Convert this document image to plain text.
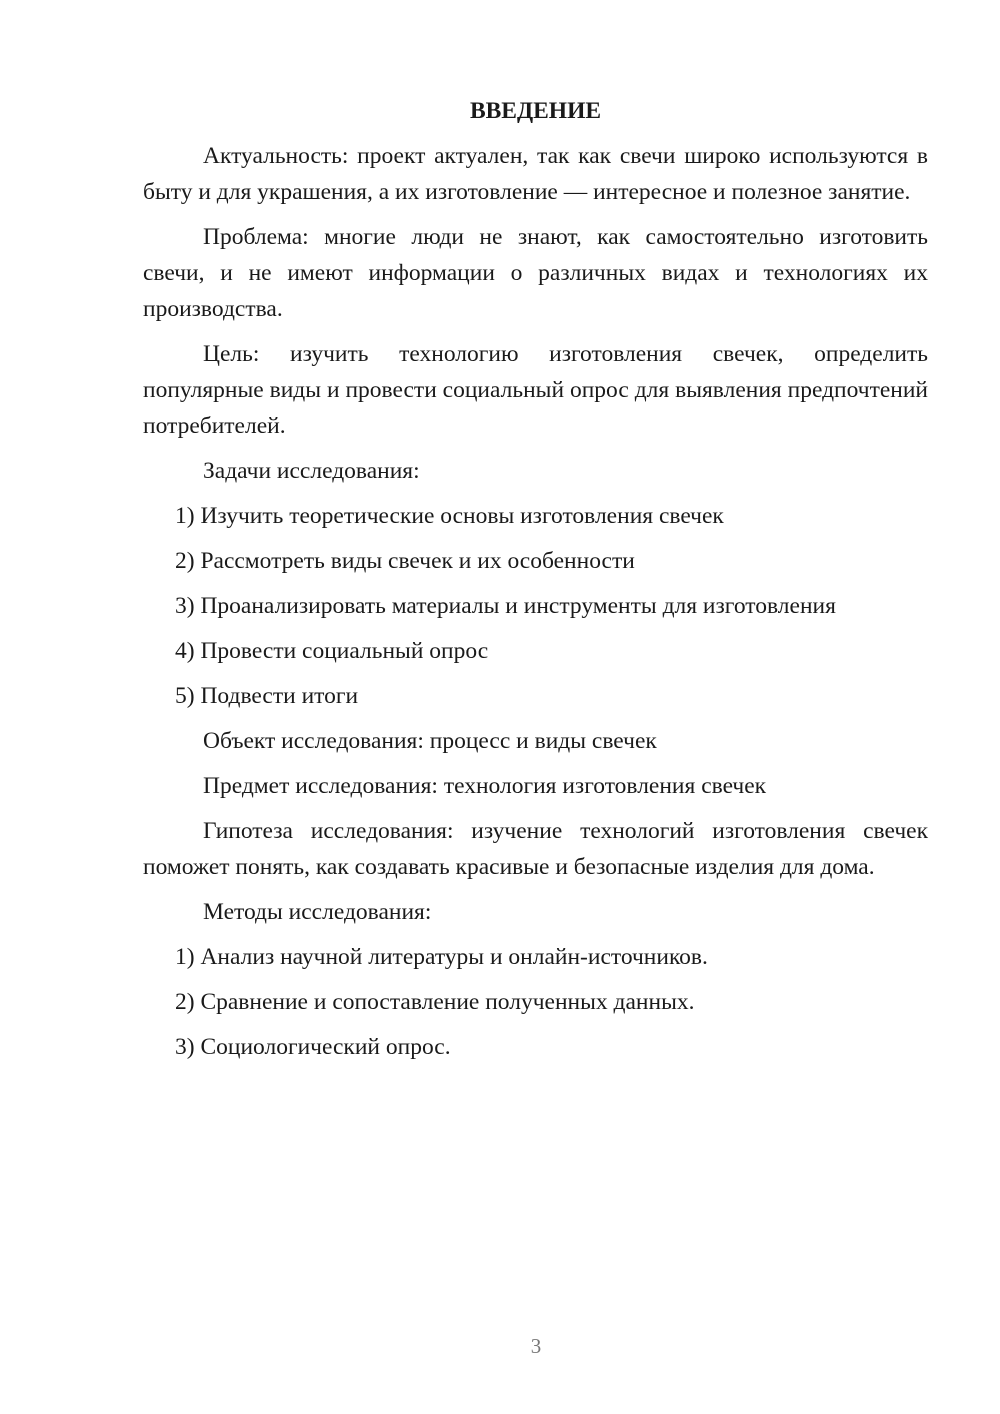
ВВЕДЕНИЕ

Актуальность: проект актуален, так как свечи широко используются в быту и для украшения, а их изготовление — интересное и полезное занятие.

Проблема: многие люди не знают, как самостоятельно изготовить свечи, и не имеют информации о различных видах и технологиях их производства.

Цель: изучить технологию изготовления свечек, определить популярные виды и провести социальный опрос для выявления предпочтений потребителей.

Задачи исследования:
1) Изучить теоретические основы изготовления свечек
2) Рассмотреть виды свечек и их особенности
3) Проанализировать материалы и инструменты для изготовления
4) Провести социальный опрос
5) Подвести итоги
Объект исследования: процесс и виды свечек
Предмет исследования: технология изготовления свечек

Гипотеза исследования: изучение технологий изготовления свечек поможет понять, как создавать красивые и безопасные изделия для дома.

Методы исследования:
1) Анализ научной литературы и онлайн-источников.
2) Сравнение и сопоставление полученных данных.
3) Социологический опрос.
3
